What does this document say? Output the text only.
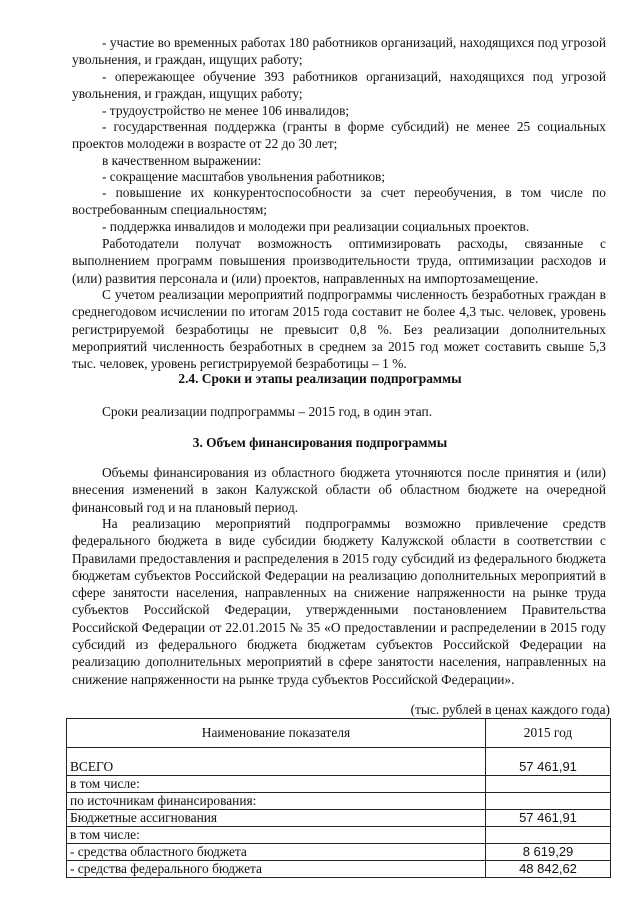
- участие во временных работах 180 работников организаций, находящихся под угрозой увольнения, и граждан, ищущих работу;

- опережающее обучение 393 работников организаций, находящихся под угрозой увольнения, и граждан, ищущих работу;

- трудоустройство не менее 106 инвалидов;

- государственная поддержка (гранты в форме субсидий) не менее 25 социальных проектов молодежи в возрасте от 22 до 30 лет;

в качественном выражении:

- сокращение масштабов увольнения работников;

- повышение их конкурентоспособности за счет переобучения, в том числе по востребованным специальностям;

- поддержка инвалидов и молодежи при реализации социальных проектов.

Работодатели получат возможность оптимизировать расходы, связанные с выполнением программ повышения производительности труда, оптимизации расходов и (или) развития персонала и (или) проектов, направленных на импортозамещение.

С учетом реализации мероприятий подпрограммы численность безработных граждан в среднегодовом исчислении по итогам 2015 года составит не более 4,3 тыс. человек, уровень регистрируемой безработицы не превысит 0,8 %. Без реализации дополнительных мероприятий численность безработных в среднем за 2015 год может составить свыше 5,3 тыс. человек, уровень регистрируемой безработицы – 1 %.

2.4. Сроки и этапы реализации подпрограммы

Сроки реализации подпрограммы – 2015 год, в один этап.

3. Объем финансирования подпрограммы

Объемы финансирования из областного бюджета уточняются после принятия и (или) внесения изменений в закон Калужской области об областном бюджете на очередной финансовый год и на плановый период.

На реализацию мероприятий подпрограммы возможно привлечение средств федерального бюджета в виде субсидии бюджету Калужской области в соответствии с Правилами предоставления и распределения в 2015 году субсидий из федерального бюджета бюджетам субъектов Российской Федерации на реализацию дополнительных мероприятий в сфере занятости населения, направленных на снижение напряженности на рынке труда субъектов Российской Федерации, утвержденными постановлением Правительства Российской Федерации от 22.01.2015 № 35 «О предоставлении и распределении в 2015 году субсидий из федерального бюджета бюджетам субъектов Российской Федерации на реализацию дополнительных мероприятий в сфере занятости населения, направленных на снижение напряженности на рынке труда субъектов Российской Федерации».

(тыс. рублей в ценах каждого года)
Наименование показателя	2015 год
ВСЕГО	57 461,91
в том числе:	
по источникам финансирования:	
Бюджетные ассигнования	57 461,91
в том числе:	
- средства областного бюджета	8 619,29
- средства федерального бюджета	48 842,62
